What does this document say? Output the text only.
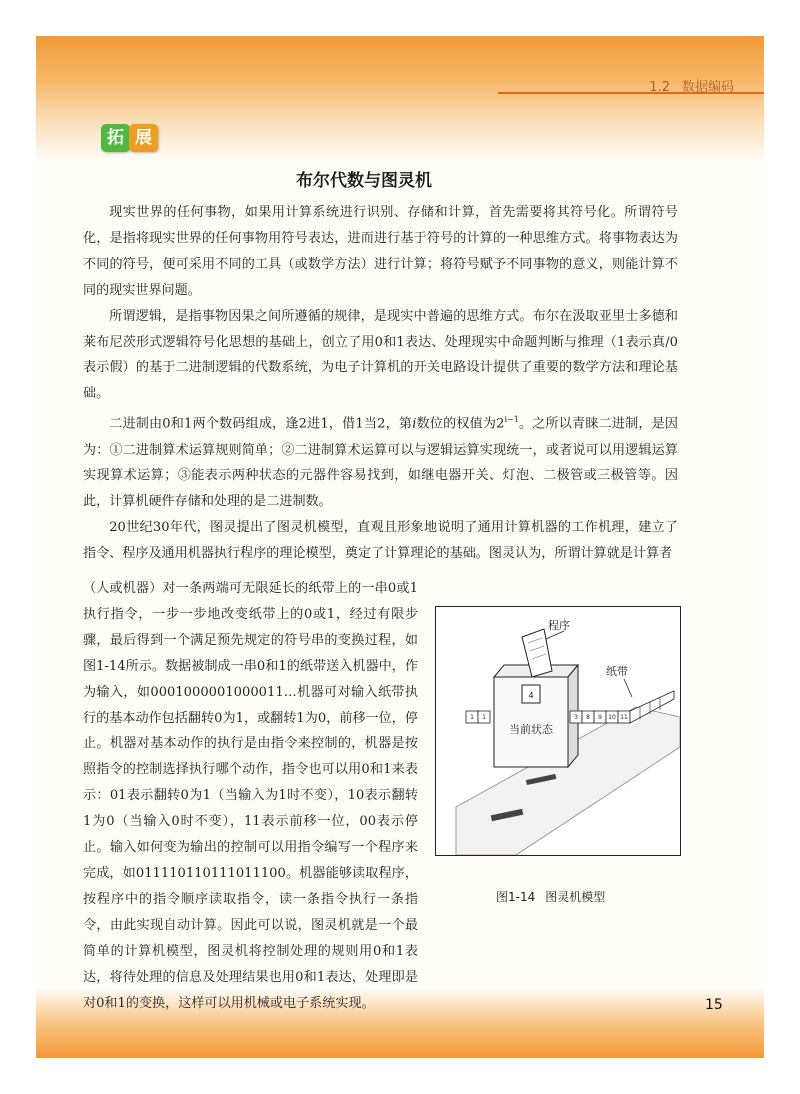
1.2 数据编码
拓 展
布尔代数与图灵机

现实世界的任何事物，如果用计算系统进行识别、存储和计算，首先需要将其符号化。所谓符号化，是指将现实世界的任何事物用符号表达，进而进行基于符号的计算的一种思维方式。将事物表达为不同的符号，便可采用不同的工具（或数学方法）进行计算；将符号赋予不同事物的意义，则能计算不同的现实世界问题。

所谓逻辑，是指事物因果之间所遵循的规律，是现实中普遍的思维方式。布尔在汲取亚里士多德和莱布尼茨形式逻辑符号化思想的基础上，创立了用0和1表达、处理现实中命题判断与推理（1表示真/0表示假）的基于二进制逻辑的代数系统，为电子计算机的开关电路设计提供了重要的数学方法和理论基础。

二进制由0和1两个数码组成，逢2进1，借1当2，第i数位的权值为$2^{i-1}$。之所以青睐二进制，是因为：①二进制算术运算规则简单；②二进制算术运算可以与逻辑运算实现统一，或者说可以用逻辑运算实现算术运算；③能表示两种状态的元器件容易找到，如继电器开关、灯泡、二极管或三极管等。因此，计算机硬件存储和处理的是二进制数。

20世纪30年代，图灵提出了图灵机模型，直观且形象地说明了通用计算机器的工作机理，建立了指令、程序及通用机器执行程序的理论模型，奠定了计算理论的基础。图灵认为，所谓计算就是计算者

（人或机器）对一条两端可无限延长的纸带上的一串0或1执行指令，一步一步地改变纸带上的0或1，经过有限步骤，最后得到一个满足预先规定的符号串的变换过程，如图1-14所示。数据被制成一串0和1的纸带送入机器中，作为输入，如0001000001000011…机器可对输入纸带执行的基本动作包括翻转0为1，或翻转1为0，前移一位，停止。机器对基本动作的执行是由指令来控制的，机器是按照指令的控制选择执行哪个动作，指令也可以用0和1来表示：01表示翻转0为1（当输入为1时不变），10表示翻转1为0（当输入0时不变），11表示前移一位，00表示停止。输入如何变为输出的控制可以用指令编写一个程序来完成，如011110110111011100。机器能够读取程序，按程序中的指令顺序读取指令，读一条指令执行一条指令，由此实现自动计算。因此可以说，图灵机就是一个最简单的计算机模型，图灵机将控制处理的规则用0和1表达，将待处理的信息及处理结果也用0和1表达，处理即是对0和1的变换，这样可以用机械或电子系统实现。

4
当前状态
程序
纸带
1 1	3 8 9 10 11
图1-14 图灵机模型
15
